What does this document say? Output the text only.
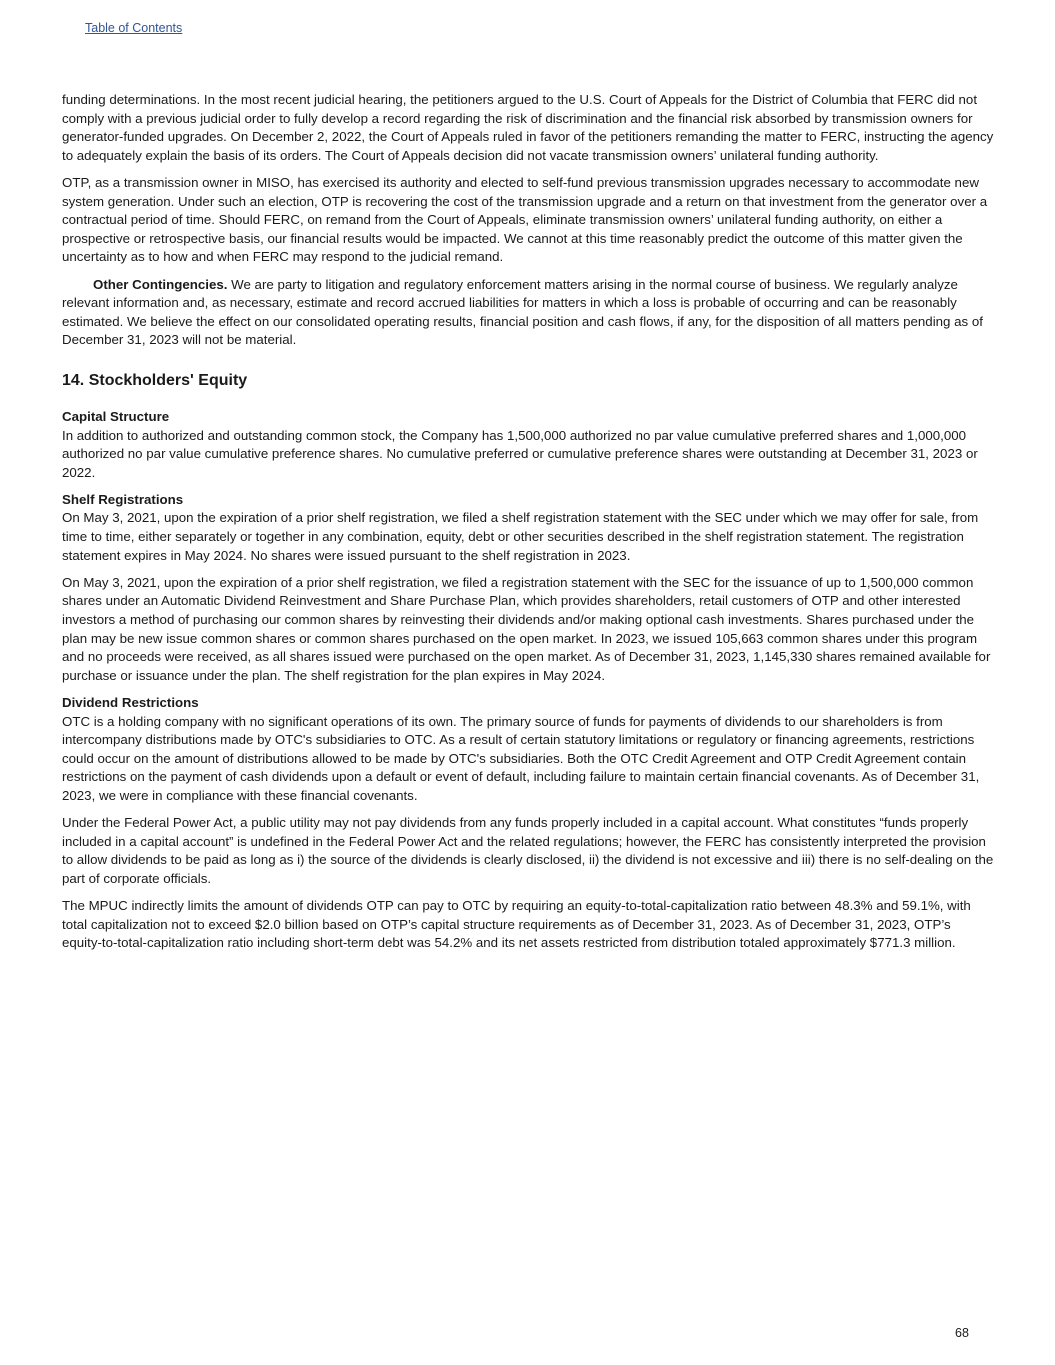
Table of Contents

funding determinations. In the most recent judicial hearing, the petitioners argued to the U.S. Court of Appeals for the District of Columbia that FERC did not comply with a previous judicial order to fully develop a record regarding the risk of discrimination and the financial risk absorbed by transmission owners for generator-funded upgrades. On December 2, 2022, the Court of Appeals ruled in favor of the petitioners remanding the matter to FERC, instructing the agency to adequately explain the basis of its orders. The Court of Appeals decision did not vacate transmission owners’ unilateral funding authority.

OTP, as a transmission owner in MISO, has exercised its authority and elected to self-fund previous transmission upgrades necessary to accommodate new system generation. Under such an election, OTP is recovering the cost of the transmission upgrade and a return on that investment from the generator over a contractual period of time. Should FERC, on remand from the Court of Appeals, eliminate transmission owners’ unilateral funding authority, on either a prospective or retrospective basis, our financial results would be impacted. We cannot at this time reasonably predict the outcome of this matter given the uncertainty as to how and when FERC may respond to the judicial remand.

Other Contingencies. We are party to litigation and regulatory enforcement matters arising in the normal course of business. We regularly analyze relevant information and, as necessary, estimate and record accrued liabilities for matters in which a loss is probable of occurring and can be reasonably estimated. We believe the effect on our consolidated operating results, financial position and cash flows, if any, for the disposition of all matters pending as of December 31, 2023 will not be material.

14. Stockholders' Equity

Capital Structure
In addition to authorized and outstanding common stock, the Company has 1,500,000 authorized no par value cumulative preferred shares and 1,000,000 authorized no par value cumulative preference shares. No cumulative preferred or cumulative preference shares were outstanding at December 31, 2023 or 2022.

Shelf Registrations
On May 3, 2021, upon the expiration of a prior shelf registration, we filed a shelf registration statement with the SEC under which we may offer for sale, from time to time, either separately or together in any combination, equity, debt or other securities described in the shelf registration statement. The registration statement expires in May 2024. No shares were issued pursuant to the shelf registration in 2023.

On May 3, 2021, upon the expiration of a prior shelf registration, we filed a registration statement with the SEC for the issuance of up to 1,500,000 common shares under an Automatic Dividend Reinvestment and Share Purchase Plan, which provides shareholders, retail customers of OTP and other interested investors a method of purchasing our common shares by reinvesting their dividends and/or making optional cash investments. Shares purchased under the plan may be new issue common shares or common shares purchased on the open market. In 2023, we issued 105,663 common shares under this program and no proceeds were received, as all shares issued were purchased on the open market. As of December 31, 2023, 1,145,330 shares remained available for purchase or issuance under the plan. The shelf registration for the plan expires in May 2024.

Dividend Restrictions
OTC is a holding company with no significant operations of its own. The primary source of funds for payments of dividends to our shareholders is from intercompany distributions made by OTC's subsidiaries to OTC. As a result of certain statutory limitations or regulatory or financing agreements, restrictions could occur on the amount of distributions allowed to be made by OTC's subsidiaries. Both the OTC Credit Agreement and OTP Credit Agreement contain restrictions on the payment of cash dividends upon a default or event of default, including failure to maintain certain financial covenants. As of December 31, 2023, we were in compliance with these financial covenants.

Under the Federal Power Act, a public utility may not pay dividends from any funds properly included in a capital account. What constitutes “funds properly included in a capital account” is undefined in the Federal Power Act and the related regulations; however, the FERC has consistently interpreted the provision to allow dividends to be paid as long as i) the source of the dividends is clearly disclosed, ii) the dividend is not excessive and iii) there is no self-dealing on the part of corporate officials.

The MPUC indirectly limits the amount of dividends OTP can pay to OTC by requiring an equity-to-total-capitalization ratio between 48.3% and 59.1%, with total capitalization not to exceed $2.0 billion based on OTP’s capital structure requirements as of December 31, 2023. As of December 31, 2023, OTP’s equity-to-total-capitalization ratio including short-term debt was 54.2% and its net assets restricted from distribution totaled approximately $771.3 million.

68
